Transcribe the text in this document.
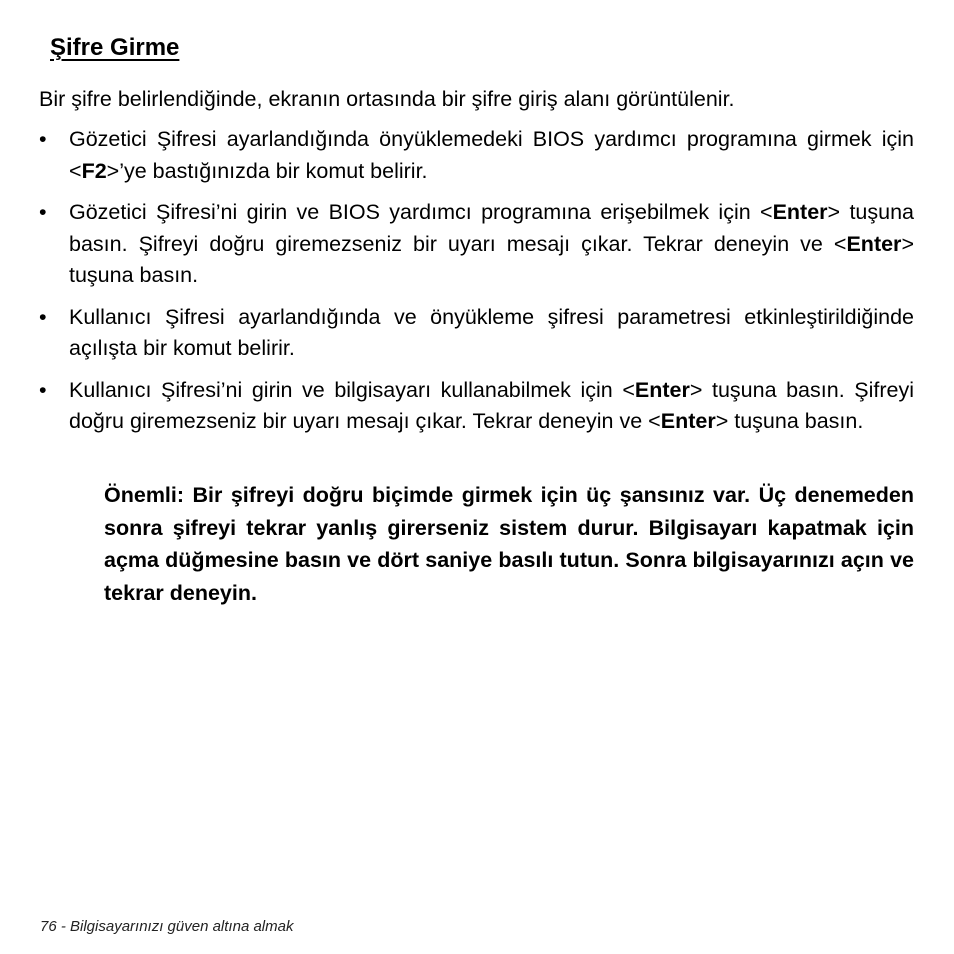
Şifre Girme

Bir şifre belirlendiğinde, ekranın ortasında bir şifre giriş alanı görüntülenir.

• Gözetici Şifresi ayarlandığında önyüklemedeki BIOS yardımcı programına girmek için <F2>’ye bastığınızda bir komut belirir.
• Gözetici Şifresi’ni girin ve BIOS yardımcı programına erişebilmek için <Enter> tuşuna basın. Şifreyi doğru giremezseniz bir uyarı mesajı çıkar. Tekrar deneyin ve <Enter> tuşuna basın.
• Kullanıcı Şifresi ayarlandığında ve önyükleme şifresi parametresi etkinleştirildiğinde açılışta bir komut belirir.
• Kullanıcı Şifresi’ni girin ve bilgisayarı kullanabilmek için <Enter> tuşuna basın. Şifreyi doğru giremezseniz bir uyarı mesajı çıkar. Tekrar deneyin ve <Enter> tuşuna basın.

Önemli: Bir şifreyi doğru biçimde girmek için üç şansınız var. Üç denemeden sonra şifreyi tekrar yanlış girerseniz sistem durur. Bilgisayarı kapatmak için açma düğmesine basın ve dört saniye basılı tutun. Sonra bilgisayarınızı açın ve tekrar deneyin.

76 - Bilgisayarınızı güven altına almak
